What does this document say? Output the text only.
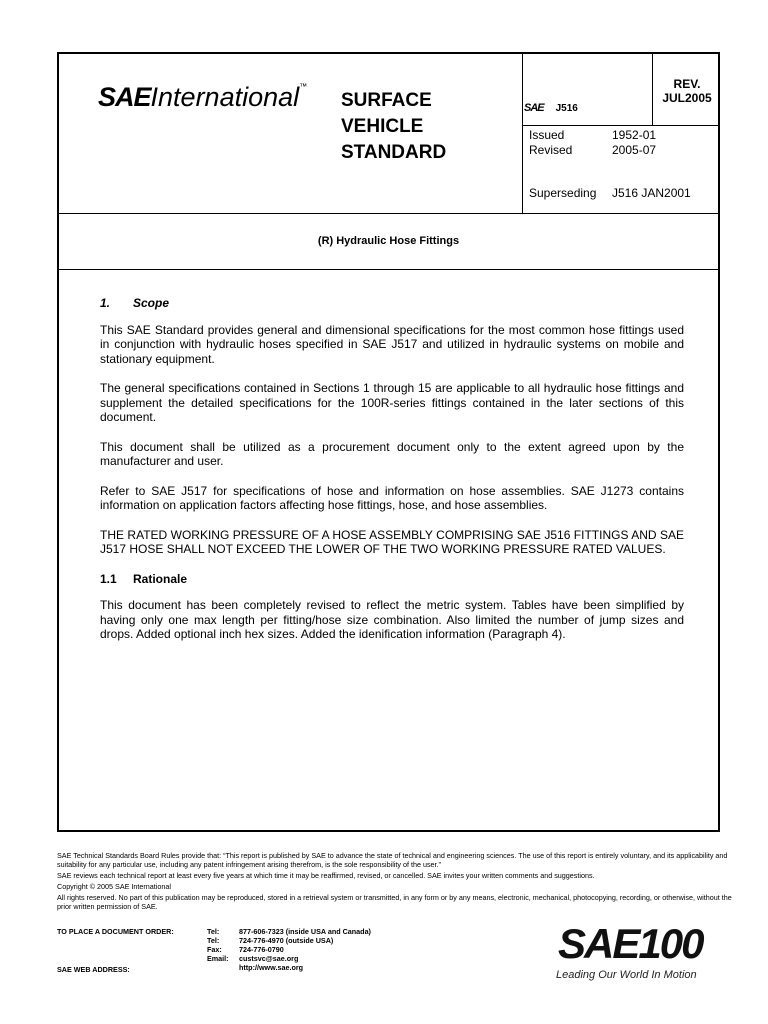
SAEInternational™
SURFACE VEHICLE STANDARD
SAE J516
REV.
JUL2005
Issued	1952-01
Revised	2005-07
Superseding J516 JAN2001
(R) Hydraulic Hose Fittings
1.	Scope

This SAE Standard provides general and dimensional specifications for the most common hose fittings used in conjunction with hydraulic hoses specified in SAE J517 and utilized in hydraulic systems on mobile and stationary equipment.

The general specifications contained in Sections 1 through 15 are applicable to all hydraulic hose fittings and supplement the detailed specifications for the 100R-series fittings contained in the later sections of this document.

This document shall be utilized as a procurement document only to the extent agreed upon by the manufacturer and user.

Refer to SAE J517 for specifications of hose and information on hose assemblies. SAE J1273 contains information on application factors affecting hose fittings, hose, and hose assemblies.

THE RATED WORKING PRESSURE OF A HOSE ASSEMBLY COMPRISING SAE J516 FITTINGS AND SAE J517 HOSE SHALL NOT EXCEED THE LOWER OF THE TWO WORKING PRESSURE RATED VALUES.

1.1	Rationale

This document has been completely revised to reflect the metric system. Tables have been simplified by having only one max length per fitting/hose size combination. Also limited the number of jump sizes and drops. Added optional inch hex sizes. Added the idenification information (Paragraph 4).

SAE Technical Standards Board Rules provide that: “This report is published by SAE to advance the state of technical and engineering sciences. The use of this report is entirely voluntary, and its applicability and suitability for any particular use, including any patent infringement arising therefrom, is the sole responsibility of the user.”

SAE reviews each technical report at least every five years at which time it may be reaffirmed, revised, or cancelled. SAE invites your written comments and suggestions.

Copyright © 2005 SAE International

All rights reserved. No part of this publication may be reproduced, stored in a retrieval system or transmitted, in any form or by any means, electronic, mechanical, photocopying, recording, or otherwise, without the prior written permission of SAE.

TO PLACE A DOCUMENT ORDER:
SAE WEB ADDRESS:
Tel:	877-606-7323 (inside USA and Canada)
Tel:	724-776-4970 (outside USA)
Fax:	724-776-0790
Email:	custsvc@sae.org
http://www.sae.org
SAE100
Leading Our World In Motion
